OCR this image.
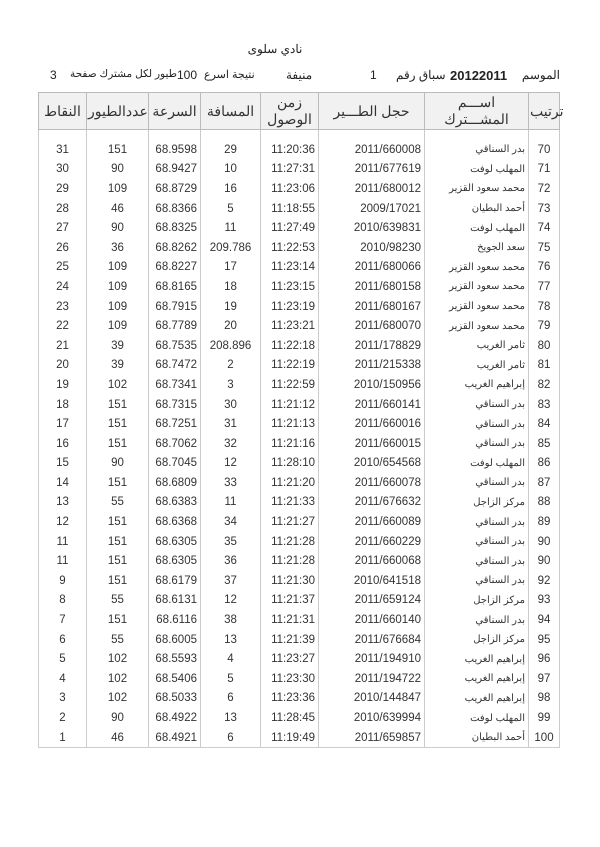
نادي سلوى
الموسم
20122011
سباق رقم
1
منيفة
نتيجة اسرع
100
طيور لكل مشترك صفحة
3
النقاط	عددالطيور	السرعة	المسافة	زمن الوصول	حجل الطـــير	اســـم المشـــترك	ترتيب

31	151	68.9598	29	11:20:36	2011/660008	بدر السناقي	70
30	90	68.9427	10	11:27:31	2011/677619	المهلب لوفت	71
29	109	68.8729	16	11:23:06	2011/680012	محمد سعود القزير	72
28	46	68.8366	5	11:18:55	2009/17021	أحمد البطيان	73
27	90	68.8325	11	11:27:49	2010/639831	المهلب لوفت	74
26	36	68.8262	209.786	11:22:53	2010/98230	سعد الجويخ	75
25	109	68.8227	17	11:23:14	2011/680066	محمد سعود القزير	76
24	109	68.8165	18	11:23:15	2011/680158	محمد سعود القزير	77
23	109	68.7915	19	11:23:19	2011/680167	محمد سعود القزير	78
22	109	68.7789	20	11:23:21	2011/680070	محمد سعود القزير	79
21	39	68.7535	208.896	11:22:18	2011/178829	ثامر الغريب	80
20	39	68.7472	2	11:22:19	2011/215338	ثامر الغريب	81
19	102	68.7341	3	11:22:59	2010/150956	إبراهيم الغريب	82
18	151	68.7315	30	11:21:12	2011/660141	بدر السناقي	83
17	151	68.7251	31	11:21:13	2011/660016	بدر السناقي	84
16	151	68.7062	32	11:21:16	2011/660015	بدر السناقي	85
15	90	68.7045	12	11:28:10	2010/654568	المهلب لوفت	86
14	151	68.6809	33	11:21:20	2011/660078	بدر السناقي	87
13	55	68.6383	11	11:21:33	2011/676632	مركز الزاجل	88
12	151	68.6368	34	11:21:27	2011/660089	بدر السناقي	89
11	151	68.6305	35	11:21:28	2011/660229	بدر السناقي	90
11	151	68.6305	36	11:21:28	2011/660068	بدر السناقي	90
9	151	68.6179	37	11:21:30	2010/641518	بدر السناقي	92
8	55	68.6131	12	11:21:37	2011/659124	مركز الزاجل	93
7	151	68.6116	38	11:21:31	2011/660140	بدر السناقي	94
6	55	68.6005	13	11:21:39	2011/676684	مركز الزاجل	95
5	102	68.5593	4	11:23:27	2011/194910	إبراهيم الغريب	96
4	102	68.5406	5	11:23:30	2011/194722	إبراهيم الغريب	97
3	102	68.5033	6	11:23:36	2010/144847	إبراهيم الغريب	98
2	90	68.4922	13	11:28:45	2010/639994	المهلب لوفت	99
1	46	68.4921	6	11:19:49	2011/659857	أحمد البطيان	100
